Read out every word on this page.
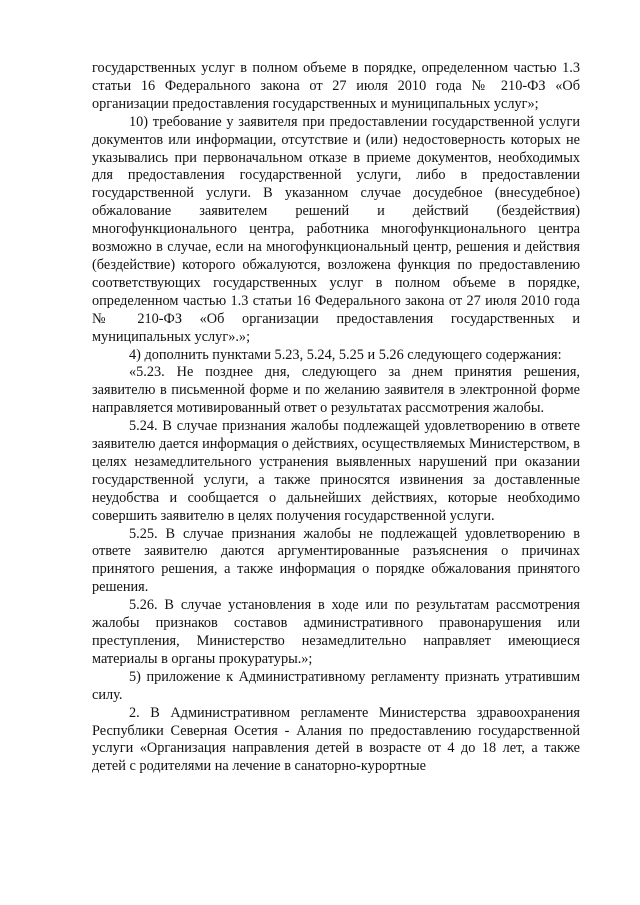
государственных услуг в полном объеме в порядке, определенном частью 1.3 статьи 16 Федерального закона от 27 июля 2010 года № 210-ФЗ «Об организации предоставления государственных и муниципальных услуг»;

10) требование у заявителя при предоставлении государственной услуги документов или информации, отсутствие и (или) недостоверность которых не указывались при первоначальном отказе в приеме документов, необходимых для предоставления государственной услуги, либо в предоставлении государственной услуги. В указанном случае досудебное (внесудебное) обжалование заявителем решений и действий (бездействия) многофункционального центра, работника многофункционального центра возможно в случае, если на многофункциональный центр, решения и действия (бездействие) которого обжалуются, возложена функция по предоставлению соответствующих государственных услуг в полном объеме в порядке, определенном частью 1.3 статьи 16 Федерального закона от 27 июля 2010 года № 210-ФЗ «Об организации предоставления государственных и муниципальных услуг».»;

4) дополнить пунктами 5.23, 5.24, 5.25 и 5.26 следующего содержания:

«5.23. Не позднее дня, следующего за днем принятия решения, заявителю в письменной форме и по желанию заявителя в электронной форме направляется мотивированный ответ о результатах рассмотрения жалобы.

5.24. В случае признания жалобы подлежащей удовлетворению в ответе заявителю дается информация о действиях, осуществляемых Министерством, в целях незамедлительного устранения выявленных нарушений при оказании государственной услуги, а также приносятся извинения за доставленные неудобства и сообщается о дальнейших действиях, которые необходимо совершить заявителю в целях получения государственной услуги.

5.25. В случае признания жалобы не подлежащей удовлетворению в ответе заявителю даются аргументированные разъяснения о причинах принятого решения, а также информация о порядке обжалования принятого решения.

5.26. В случае установления в ходе или по результатам рассмотрения жалобы признаков составов административного правонарушения или преступления, Министерство незамедлительно направляет имеющиеся материалы в органы прокуратуры.»;

5) приложение к Административному регламенту признать утратившим силу.

2. В Административном регламенте Министерства здравоохранения Республики Северная Осетия - Алания по предоставлению государственной услуги «Организация направления детей в возрасте от 4 до 18 лет, а также детей с родителями на лечение в санаторно-курортные
